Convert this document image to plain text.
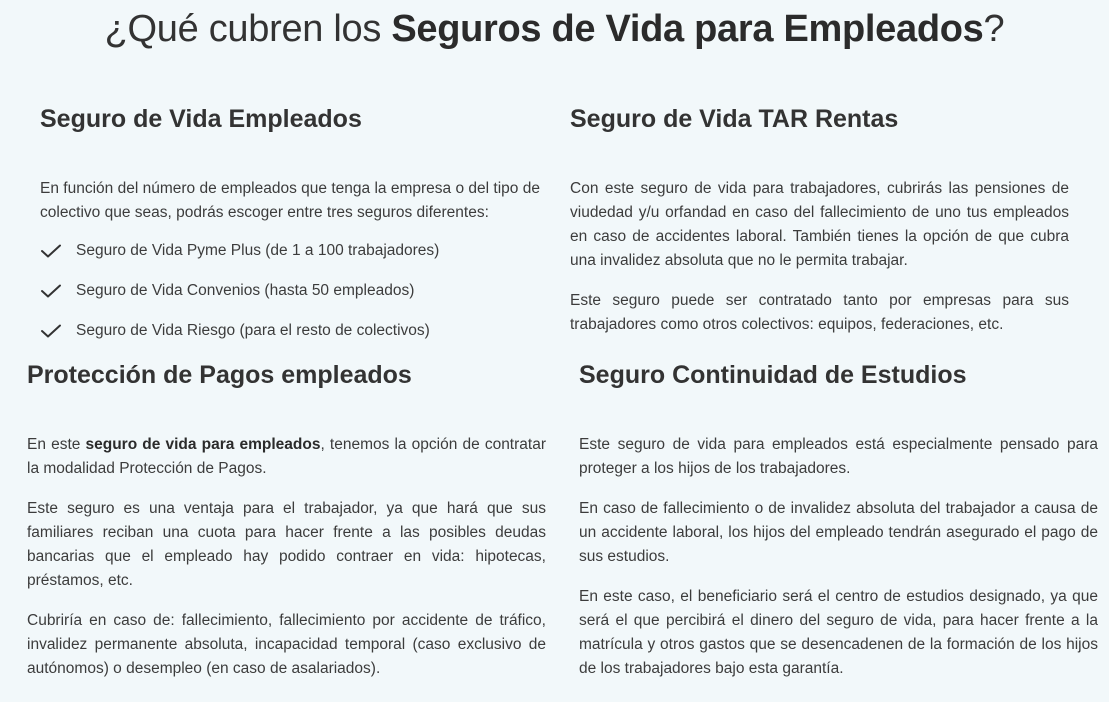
¿Qué cubren los Seguros de Vida para Empleados?
Seguro de Vida Empleados

En función del número de empleados que tenga la empresa o del tipo de colectivo que seas, podrás escoger entre tres seguros diferentes:

Seguro de Vida Pyme Plus (de 1 a 100 trabajadores)
Seguro de Vida Convenios (hasta 50 empleados)
Seguro de Vida Riesgo (para el resto de colectivos)
Seguro de Vida TAR Rentas

Con este seguro de vida para trabajadores, cubrirás las pensiones de viudedad y/u orfandad en caso del fallecimiento de uno tus empleados en caso de accidentes laboral. También tienes la opción de que cubra una invalidez absoluta que no le permita trabajar.

Este seguro puede ser contratado tanto por empresas para sus trabajadores como otros colectivos: equipos, federaciones, etc.

Protección de Pagos empleados

En este seguro de vida para empleados, tenemos la opción de contratar la modalidad Protección de Pagos.

Este seguro es una ventaja para el trabajador, ya que hará que sus familiares reciban una cuota para hacer frente a las posibles deudas bancarias que el empleado hay podido contraer en vida: hipotecas, préstamos, etc.

Cubriría en caso de: fallecimiento, fallecimiento por accidente de tráfico, invalidez permanente absoluta, incapacidad temporal (caso exclusivo de autónomos) o desempleo (en caso de asalariados).

Seguro Continuidad de Estudios

Este seguro de vida para empleados está especialmente pensado para proteger a los hijos de los trabajadores.

En caso de fallecimiento o de invalidez absoluta del trabajador a causa de un accidente laboral, los hijos del empleado tendrán asegurado el pago de sus estudios.

En este caso, el beneficiario será el centro de estudios designado, ya que será el que percibirá el dinero del seguro de vida, para hacer frente a la matrícula y otros gastos que se desencadenen de la formación de los hijos de los trabajadores bajo esta garantía.
